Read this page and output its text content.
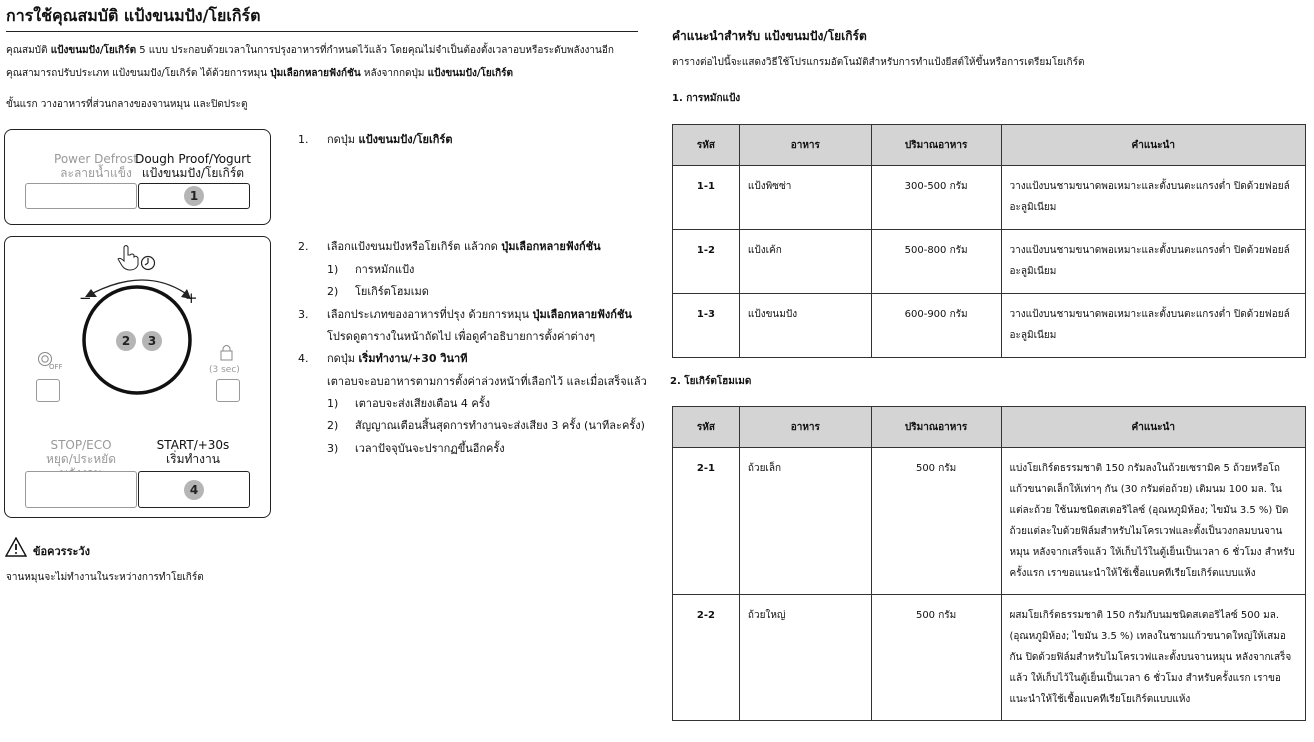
การใช้คุณสมบัติ แป้งขนมปัง/โยเกิร์ต
คุณสมบัติ แป้งขนมปัง/โยเกิร์ต 5 แบบ ประกอบด้วยเวลาในการปรุงอาหารที่กำหนดไว้แล้ว โดยคุณไม่จำเป็นต้องตั้งเวลาอบหรือระดับพลังงานอีก
คุณสามารถปรับประเภท แป้งขนมปัง/โยเกิร์ต ได้ด้วยการหมุน ปุ่มเลือกหลายฟังก์ชัน หลังจากกดปุ่ม แป้งขนมปัง/โยเกิร์ต
ขั้นแรก วางอาหารที่ส่วนกลางของจานหมุน และปิดประตู
Power Defrost
ละลายน้ำแข็ง
Dough Proof/Yogurt
แป้งขนมปัง/โยเกิร์ต
1
−	+
2	3
OFF	(3 sec)
STOP/ECO
หยุด/ประหยัด
START/+30s
เริ่มทำงาน
4
1. กดปุ่ม แป้งขนมปัง/โยเกิร์ต
2. เลือกแป้งขนมปังหรือโยเกิร์ต แล้วกด ปุ่มเลือกหลายฟังก์ชัน
1) การหมักแป้ง
2) โยเกิร์ตโฮมเมด
3. เลือกประเภทของอาหารที่ปรุง ด้วยการหมุน ปุ่มเลือกหลายฟังก์ชัน
โปรดดูตารางในหน้าถัดไป เพื่อดูคำอธิบายการตั้งค่าต่างๆ
4. กดปุ่ม เริ่มทำงาน/+30 วินาที
เตาอบจะอบอาหารตามการตั้งค่าล่วงหน้าที่เลือกไว้ และเมื่อเสร็จแล้ว
1) เตาอบจะส่งเสียงเตือน 4 ครั้ง
2) สัญญาณเตือนสิ้นสุดการทำงานจะส่งเสียง 3 ครั้ง (นาทีละครั้ง)
3) เวลาปัจจุบันจะปรากฏขึ้นอีกครั้ง
ข้อควรระวัง
จานหมุนจะไม่ทำงานในระหว่างการทำโยเกิร์ต
คำแนะนำสำหรับ แป้งขนมปัง/โยเกิร์ต
ตารางต่อไปนี้จะแสดงวิธีใช้โปรแกรมอัตโนมัติสำหรับการทำแป้งยีสต์ให้ขึ้นหรือการเตรียมโยเกิร์ต
1. การหมักแป้ง
รหัส	อาหาร	ปริมาณอาหาร	คำแนะนำ
1-1	แป้งพิซซ่า	300-500 กรัม	วางแป้งบนชามขนาดพอเหมาะและตั้งบนตะแกรงต่ำ ปิดด้วยฟอยล์อะลูมิเนียม
1-2	แป้งเค้ก	500-800 กรัม	วางแป้งบนชามขนาดพอเหมาะและตั้งบนตะแกรงต่ำ ปิดด้วยฟอยล์อะลูมิเนียม
1-3	แป้งขนมปัง	600-900 กรัม	วางแป้งบนชามขนาดพอเหมาะและตั้งบนตะแกรงต่ำ ปิดด้วยฟอยล์อะลูมิเนียม
2. โยเกิร์ตโฮมเมด
รหัส	อาหาร	ปริมาณอาหาร	คำแนะนำ
2-1	ถ้วยเล็ก	500 กรัม	แบ่งโยเกิร์ตธรรมชาติ 150 กรัมลงในถ้วยเซรามิค 5 ถ้วยหรือโถแก้วขนาดเล็กให้เท่าๆ กัน (30 กรัมต่อถ้วย) เติมนม 100 มล. ในแต่ละถ้วย ใช้นมชนิดสเตอริไลซ์ (อุณหภูมิห้อง; ไขมัน 3.5 %) ปิดถ้วยแต่ละใบด้วยฟิล์มสำหรับไมโครเวฟและตั้งเป็นวงกลมบนจานหมุน หลังจากเสร็จแล้ว ให้เก็บไว้ในตู้เย็นเป็นเวลา 6 ชั่วโมง สำหรับครั้งแรก เราขอแนะนำให้ใช้เชื้อแบคทีเรียโยเกิร์ตแบบแห้ง
2-2	ถ้วยใหญ่	500 กรัม	ผสมโยเกิร์ตธรรมชาติ 150 กรัมกับนมชนิดสเตอริไลซ์ 500 มล. (อุณหภูมิห้อง; ไขมัน 3.5 %) เทลงในชามแก้วขนาดใหญ่ให้เสมอกัน ปิดด้วยฟิล์มสำหรับไมโครเวฟและตั้งบนจานหมุน หลังจากเสร็จแล้ว ให้เก็บไว้ในตู้เย็นเป็นเวลา 6 ชั่วโมง สำหรับครั้งแรก เราขอแนะนำให้ใช้เชื้อแบคทีเรียโยเกิร์ตแบบแห้ง
